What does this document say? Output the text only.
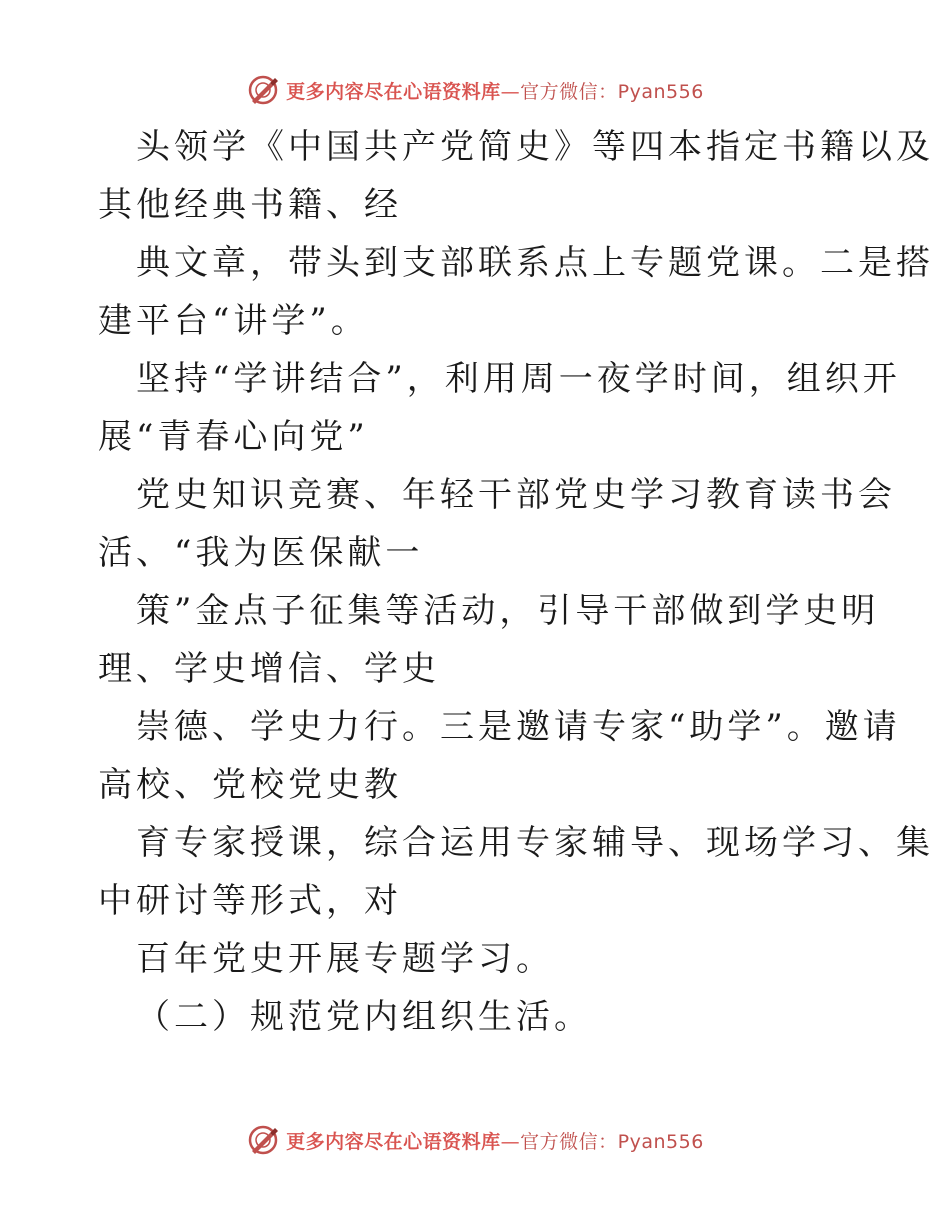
更多内容尽在心语资料库—官方微信：Pyan556
头领学《中国共产党简史》等四本指定书籍以及
其他经典书籍、经
典文章，带头到支部联系点上专题党课。二是搭
建平台“讲学”。
坚持“学讲结合”，利用周一夜学时间，组织开
展“青春心向党”
党史知识竞赛、年轻干部党史学习教育读书会
活、“我为医保献一
策”金点子征集等活动，引导干部做到学史明
理、学史增信、学史
崇德、学史力行。三是邀请专家“助学”。邀请
高校、党校党史教
育专家授课，综合运用专家辅导、现场学习、集
中研讨等形式，对
百年党史开展专题学习。
（二）规范党内组织生活。
更多内容尽在心语资料库—官方微信：Pyan556
